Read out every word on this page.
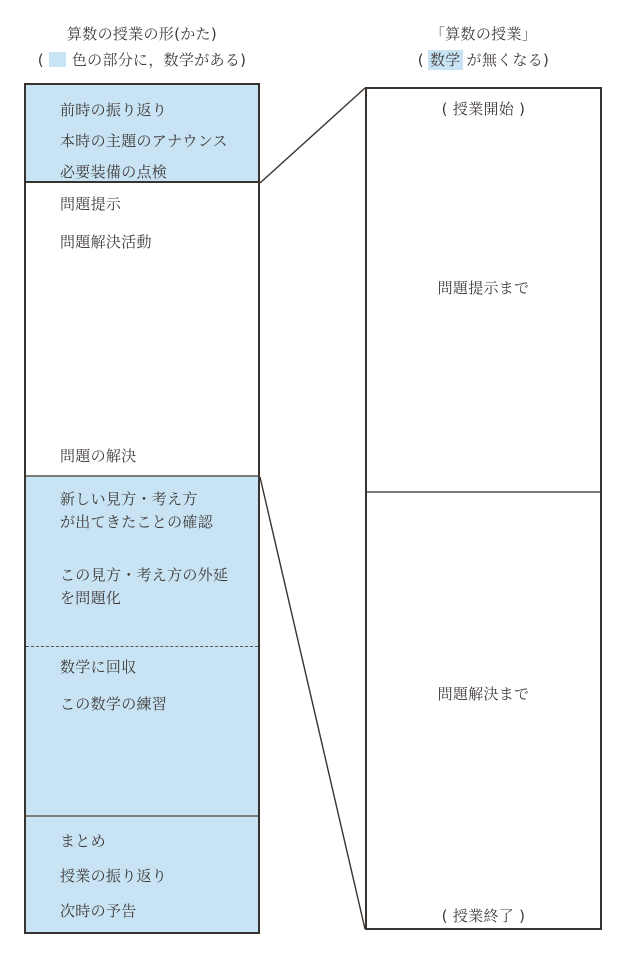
算数の授業の形(かた)
( 色の部分に，数学がある)
「算数の授業」
( 数学 が無くなる)
前時の振り返り
本時の主題のアナウンス
必要装備の点検
問題提示
問題解決活動
問題の解決
新しい見方・考え方
が出てきたことの確認
この見方・考え方の外延
を問題化
数学に回収
この数学の練習
まとめ
授業の振り返り
次時の予告
( 授業開始 )
問題提示まで
問題解決まで
( 授業終了 )
